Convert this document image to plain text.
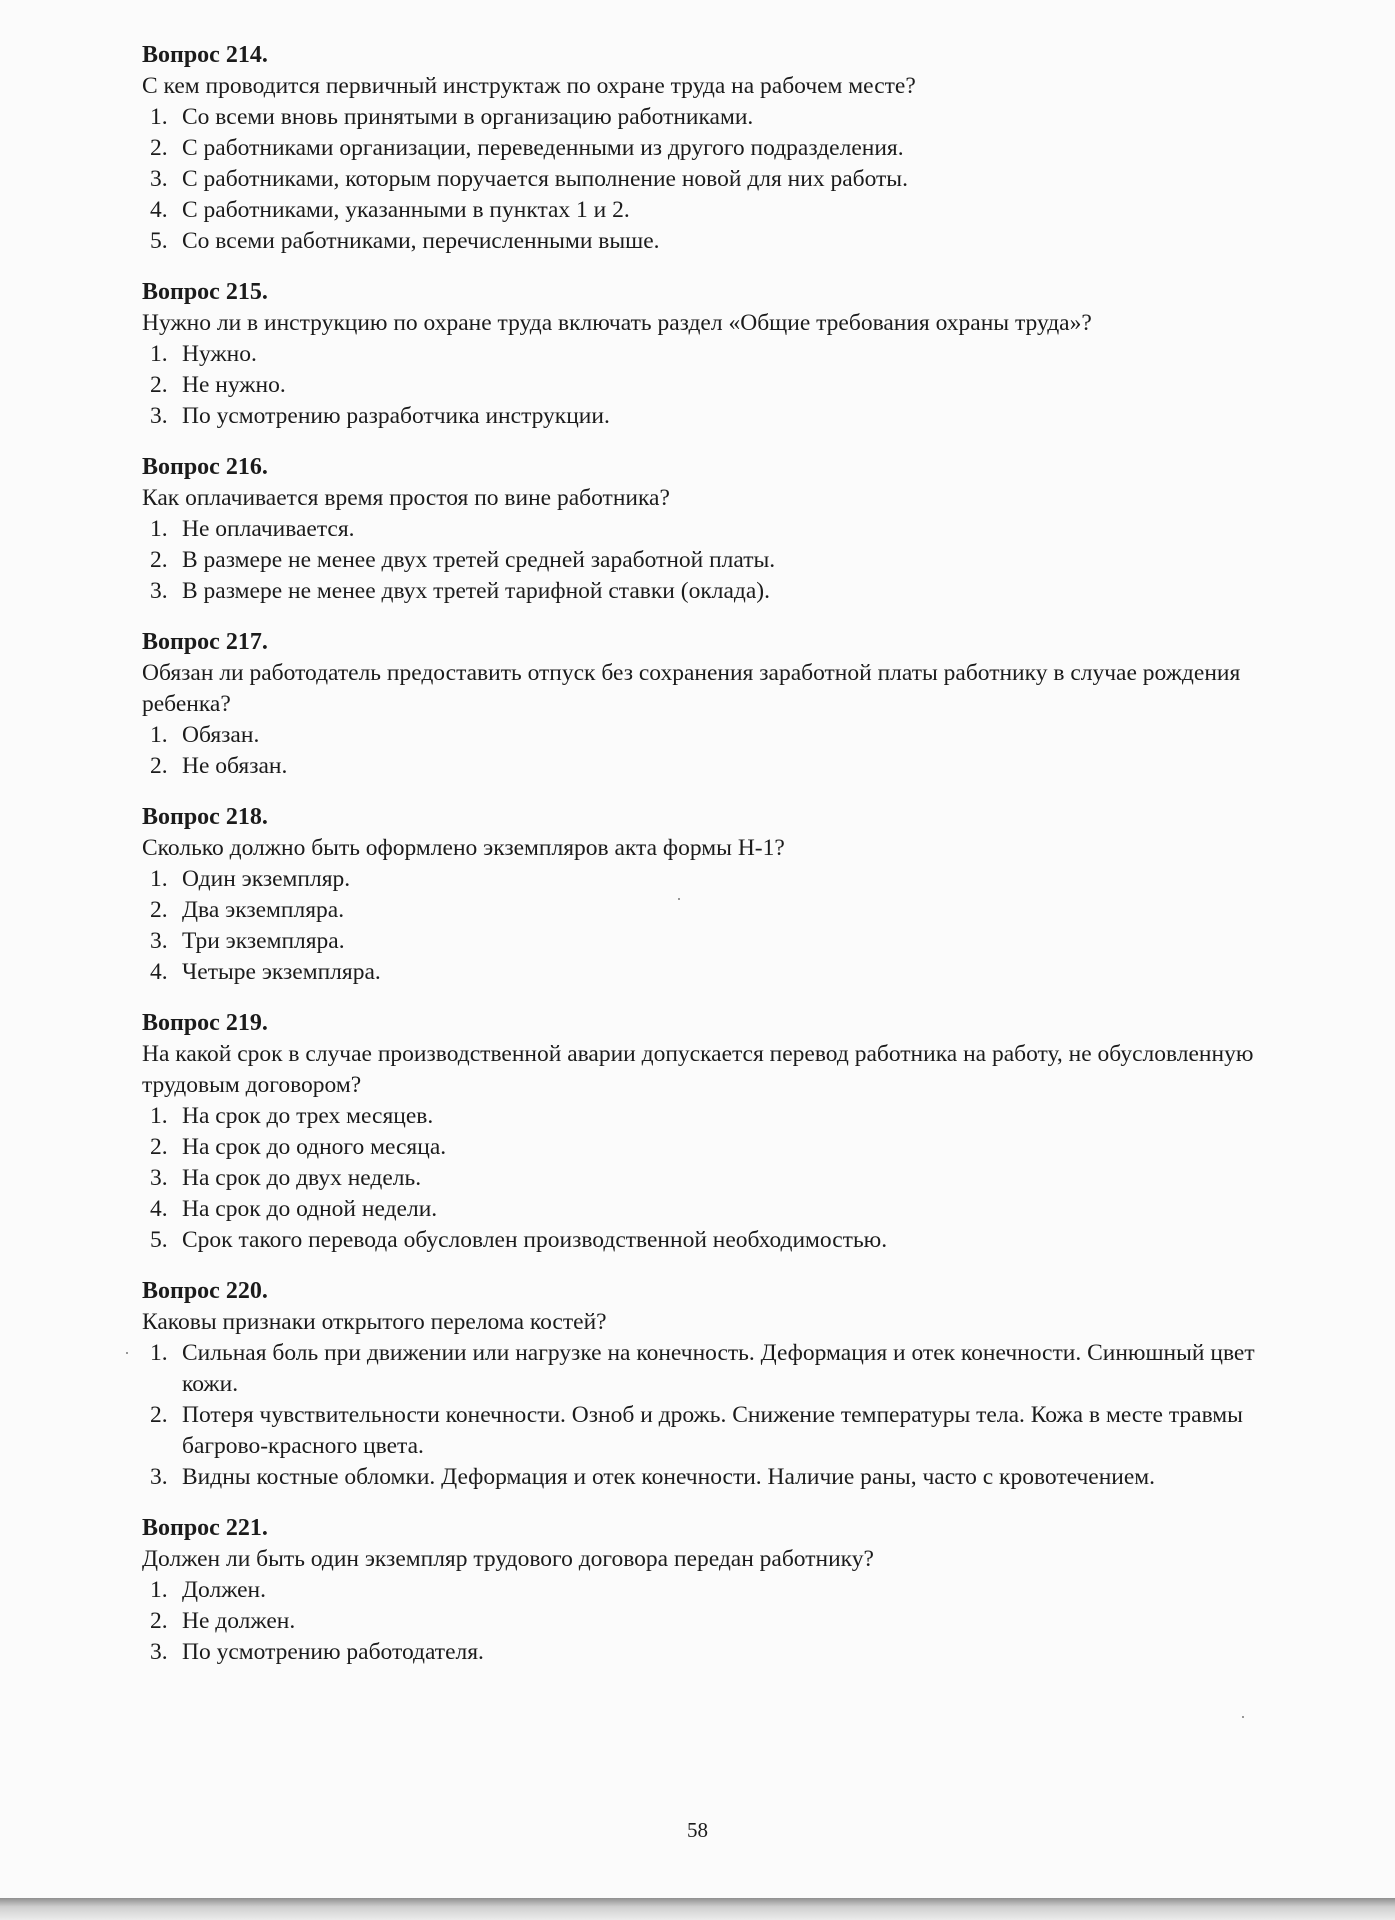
Вопрос 214.

С кем проводится первичный инструктаж по охране труда на рабочем месте?

1. Со всеми вновь принятыми в организацию работниками.
2. С работниками организации, переведенными из другого подразделения.
3. С работниками, которым поручается выполнение новой для них работы.
4. С работниками, указанными в пунктах 1 и 2.
5. Со всеми работниками, перечисленными выше.
Вопрос 215.

Нужно ли в инструкцию по охране труда включать раздел «Общие требования охраны труда»?

1. Нужно.
2. Не нужно.
3. По усмотрению разработчика инструкции.
Вопрос 216.

Как оплачивается время простоя по вине работника?

1. Не оплачивается.
2. В размере не менее двух третей средней заработной платы.
3. В размере не менее двух третей тарифной ставки (оклада).
Вопрос 217.

Обязан ли работодатель предоставить отпуск без сохранения заработной платы работнику в случае рождения ребенка?

1. Обязан.
2. Не обязан.
Вопрос 218.

Сколько должно быть оформлено экземпляров акта формы Н-1?

1. Один экземпляр.
2. Два экземпляра.
3. Три экземпляра.
4. Четыре экземпляра.
Вопрос 219.

На какой срок в случае производственной аварии допускается перевод работника на работу, не обусловленную трудовым договором?

1. На срок до трех месяцев.
2. На срок до одного месяца.
3. На срок до двух недель.
4. На срок до одной недели.
5. Срок такого перевода обусловлен производственной необходимостью.
Вопрос 220.

Каковы признаки открытого перелома костей?

1. Сильная боль при движении или нагрузке на конечность. Деформация и отек конечности. Синюшный цвет кожи.
2. Потеря чувствительности конечности. Озноб и дрожь. Снижение температуры тела. Кожа в месте травмы багрово-красного цвета.
3. Видны костные обломки. Деформация и отек конечности. Наличие раны, часто с кровотечением.
Вопрос 221.

Должен ли быть один экземпляр трудового договора передан работнику?

1. Должен.
2. Не должен.
3. По усмотрению работодателя.
58
